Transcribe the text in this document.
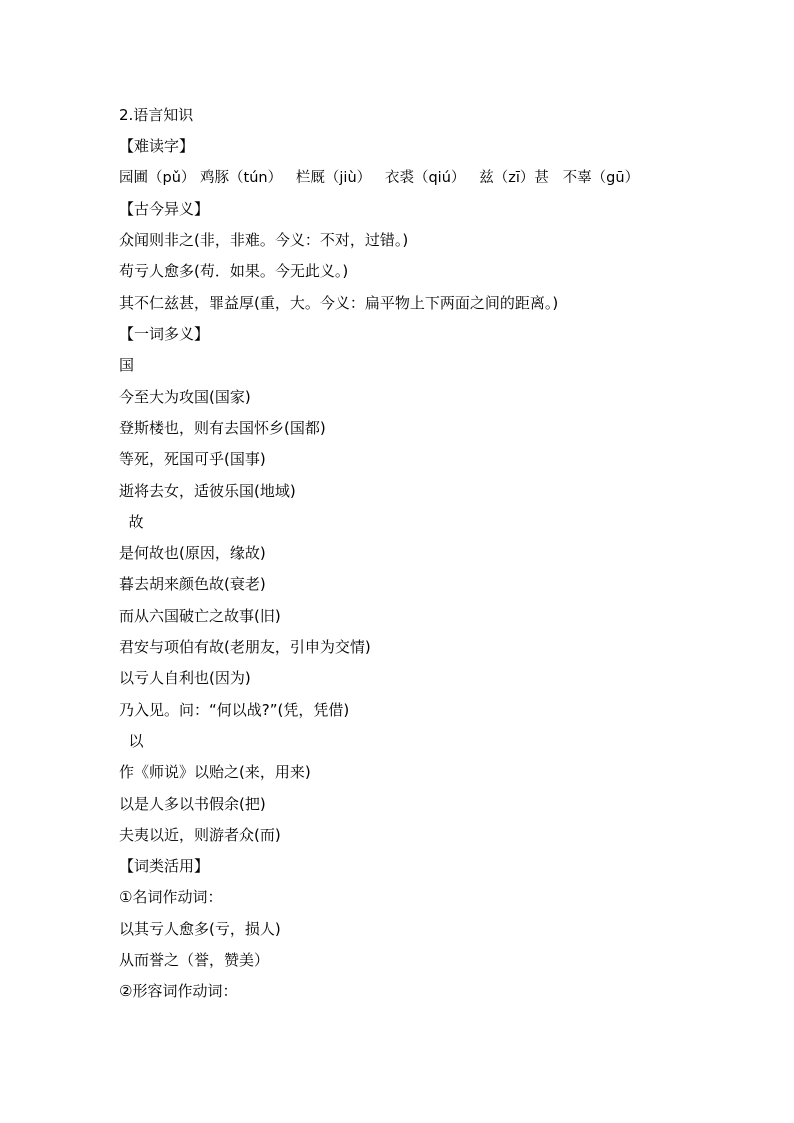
2.语言知识
【难读字】
园圃（pǔ） 鸡豚（tún）   栏厩（jiù）   衣裘（qiú）   兹（zī）甚   不辜（gū）
【古今异义】
众闻则非之(非，非难。今义：不对，过错。)
苟亏人愈多(苟．如果。今无此义。)
其不仁兹甚，罪益厚(重，大。今义：扁平物上下两面之间的距离。)
【一词多义】
国
今至大为攻国(国家)
登斯楼也，则有去国怀乡(国都)
等死，死国可乎(国事)
逝将去女，适彼乐国(地域)
故
是何故也(原因，缘故)
暮去胡来颜色故(衰老)
而从六国破亡之故事(旧)
君安与项伯有故(老朋友，引申为交情)
以亏人自利也(因为)
乃入见。问：“何以战?”(凭，凭借)
以
作《师说》以贻之(来，用来)
以是人多以书假余(把)
夫夷以近，则游者众(而)
【词类活用】
①名词作动词：
以其亏人愈多(亏，损人)
从而誉之（誉，赞美）
②形容词作动词：
